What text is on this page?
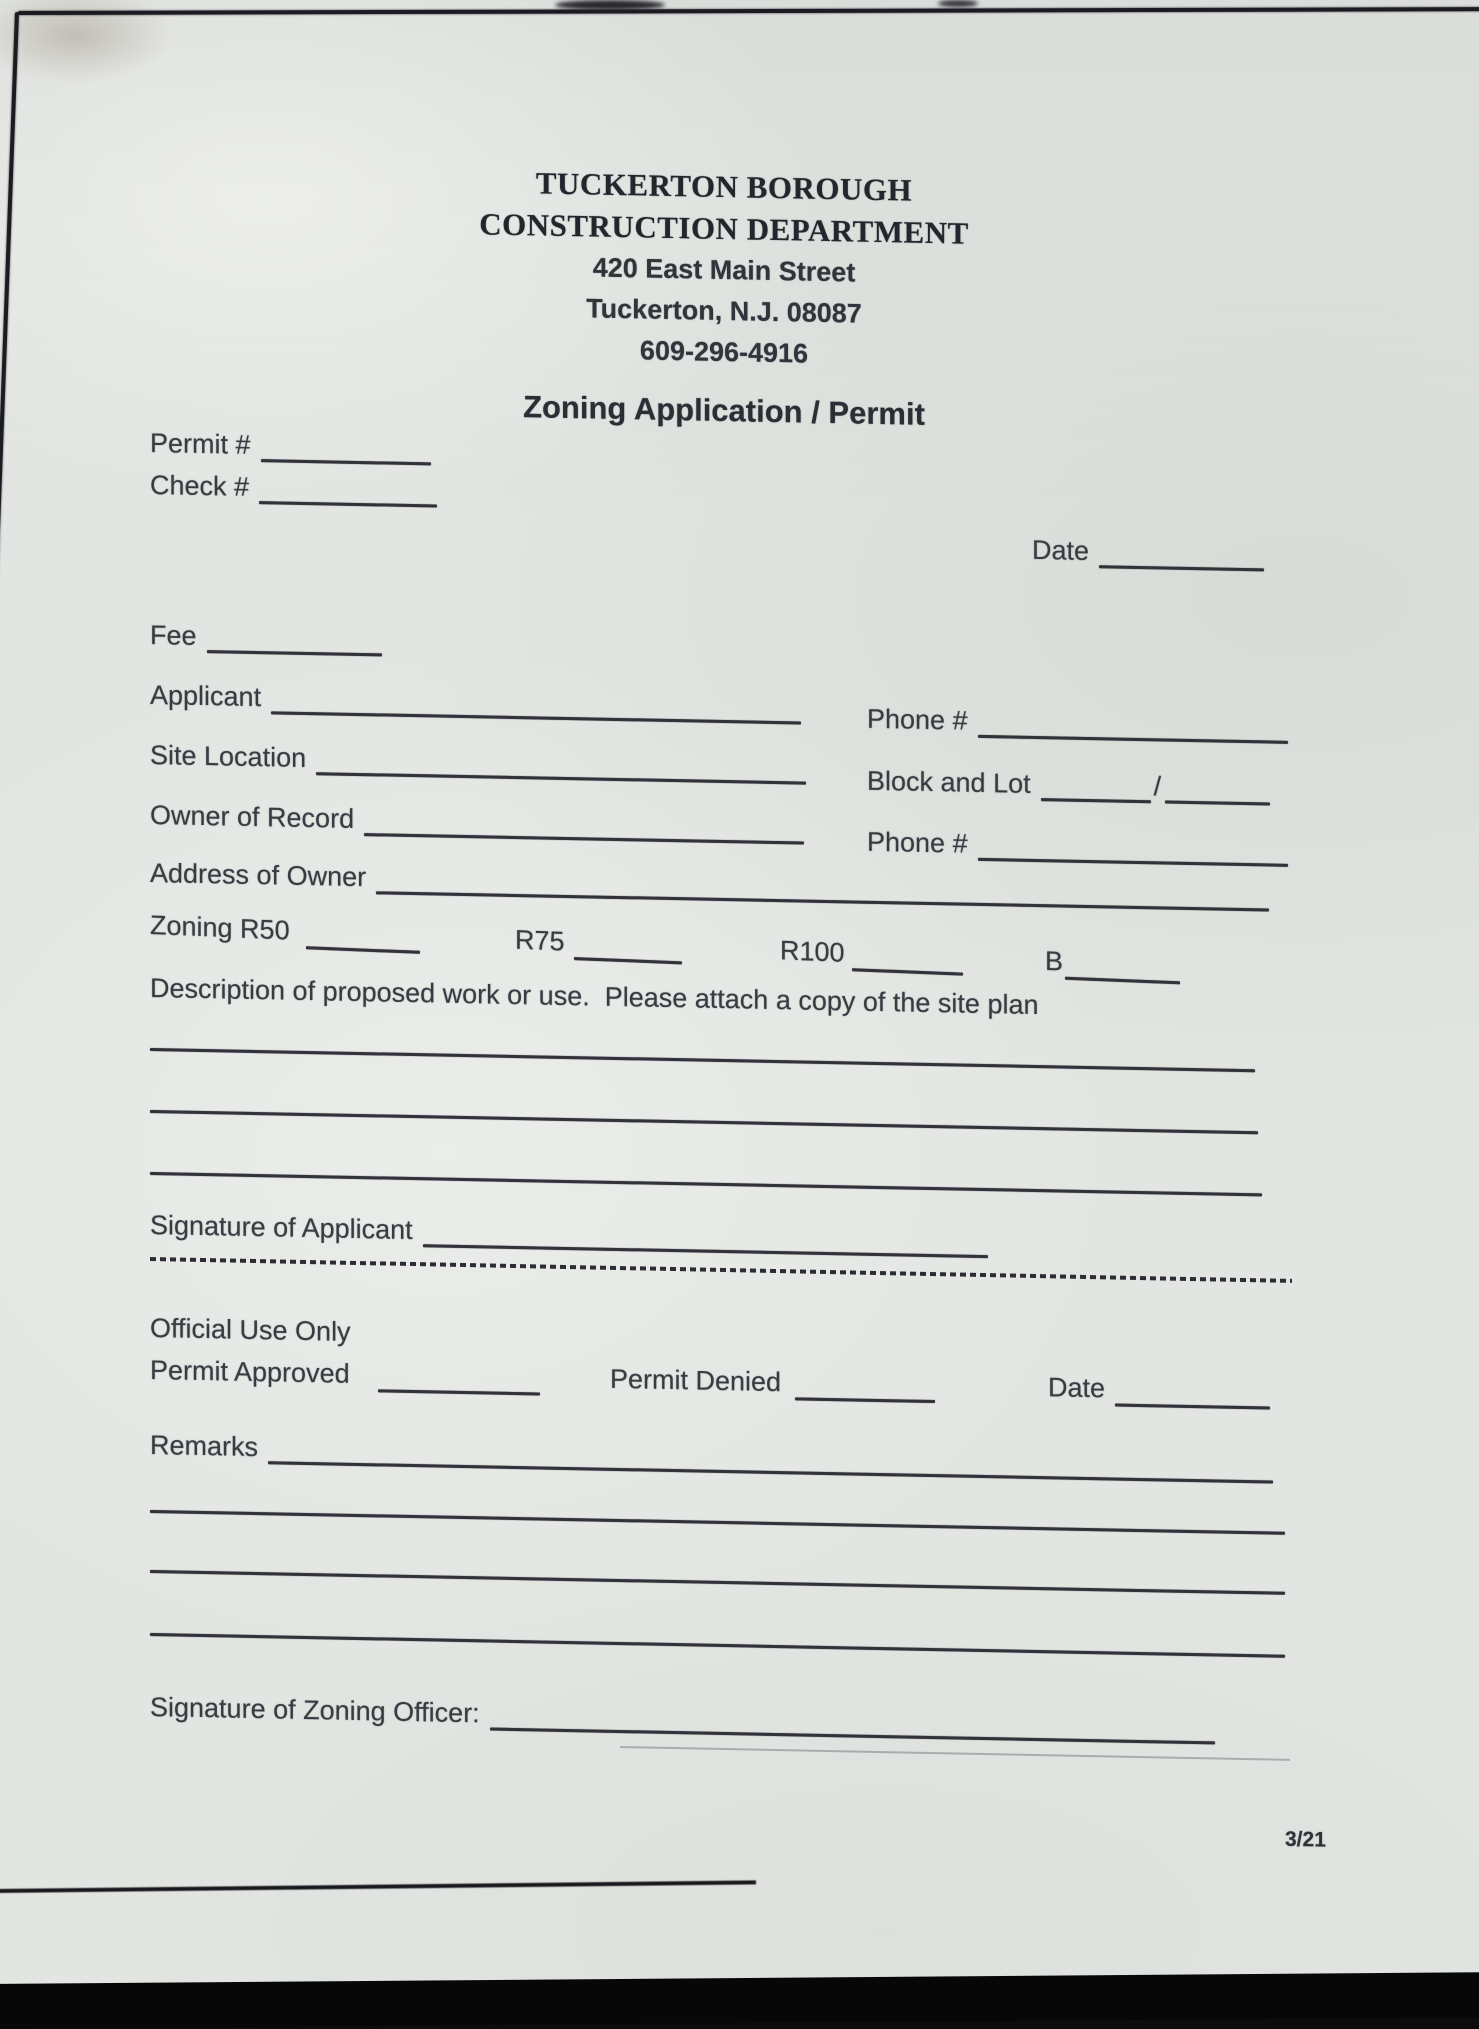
TUCKERTON BOROUGH
CONSTRUCTION DEPARTMENT
420 East Main Street
Tuckerton, N.J. 08087
609-296-4916
Zoning Application / Permit
Permit #
Check #
Date
Fee
Applicant
Phone #
Site Location
Block and Lot	/
Owner of Record
Phone #
Address of Owner
Zoning R50	R75	R100	B
Description of proposed work or use.  Please attach a copy of the site plan
Signature of Applicant
Official Use Only
Permit Approved	Permit Denied	Date
Remarks
Signature of Zoning Officer:
3/21
